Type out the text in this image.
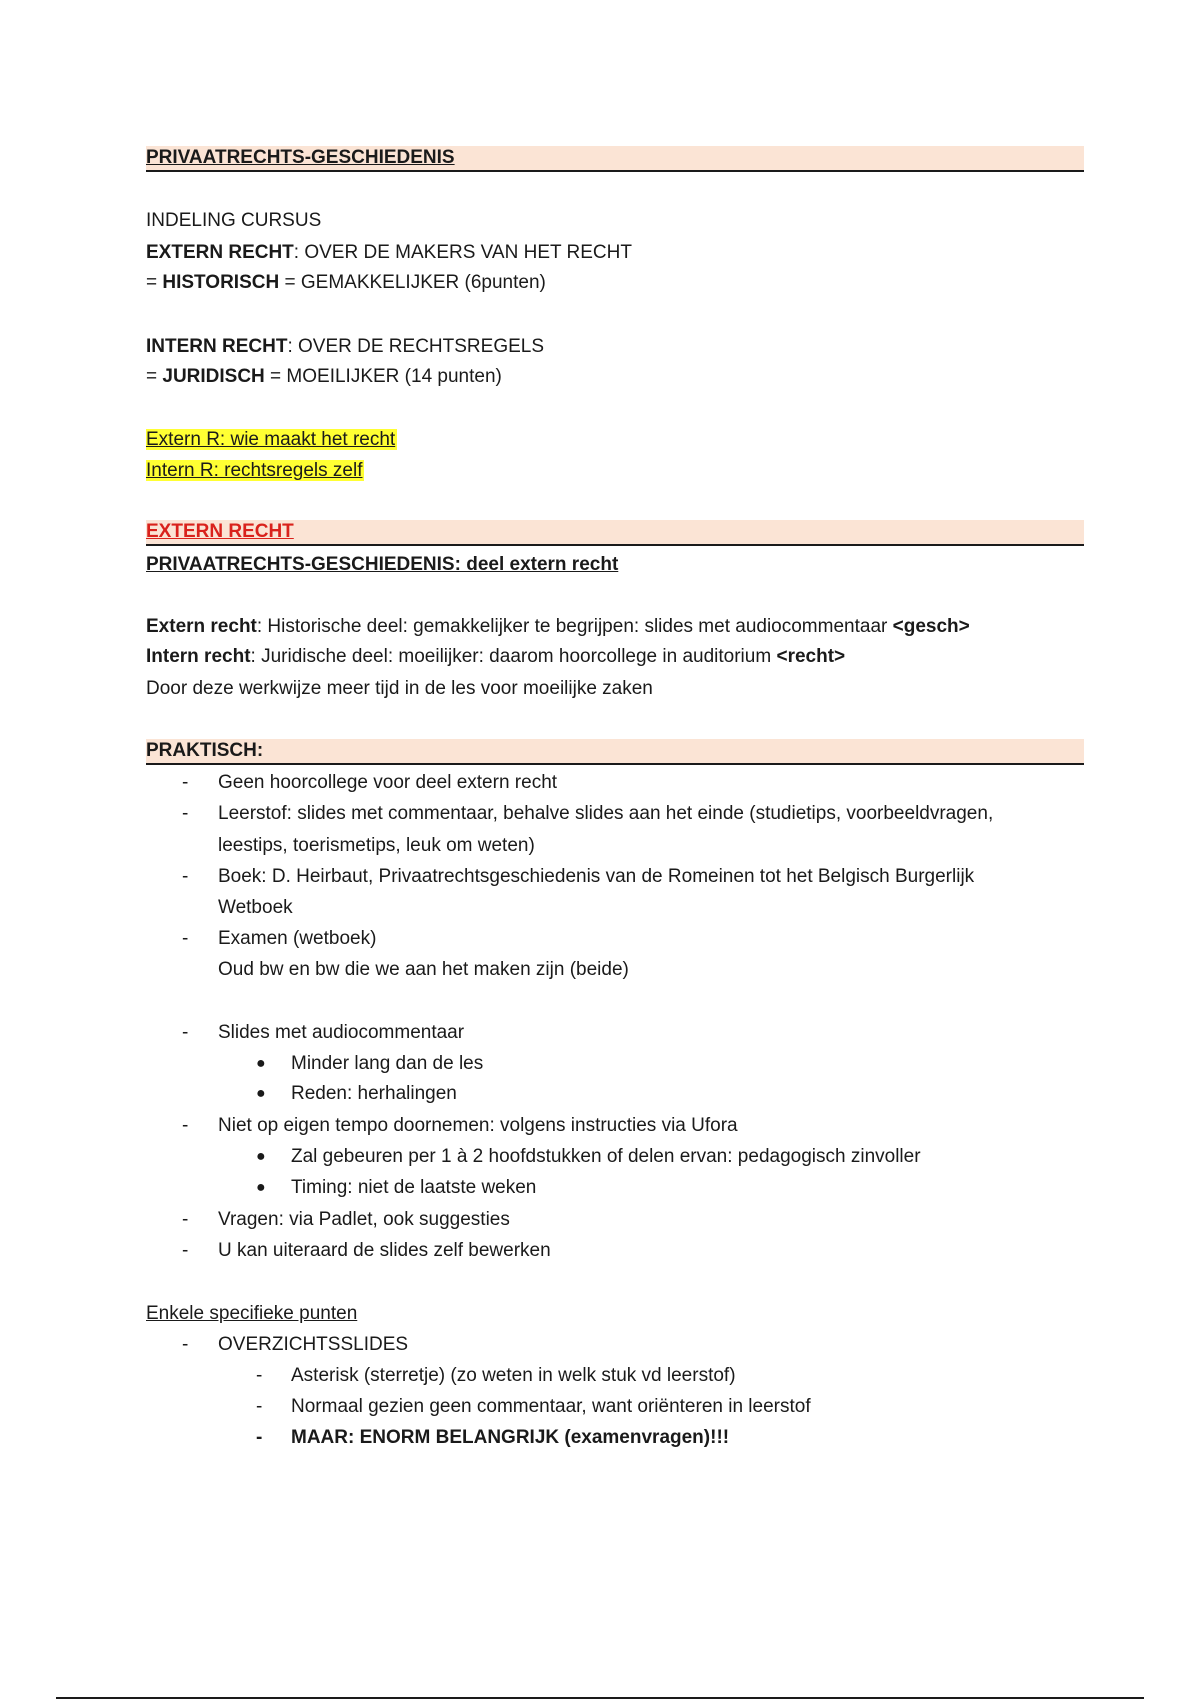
PRIVAATRECHTS-GESCHIEDENIS
INDELING CURSUS
EXTERN RECHT: OVER DE MAKERS VAN HET RECHT
= HISTORISCH = GEMAKKELIJKER (6punten)
INTERN RECHT: OVER DE RECHTSREGELS
= JURIDISCH = MOEILIJKER (14 punten)
Extern R: wie maakt het recht
Intern R: rechtsregels zelf
EXTERN RECHT
PRIVAATRECHTS-GESCHIEDENIS: deel extern recht
Extern recht: Historische deel: gemakkelijker te begrijpen: slides met audiocommentaar <gesch>
Intern recht: Juridische deel: moeilijker: daarom hoorcollege in auditorium <recht>
Door deze werkwijze meer tijd in de les voor moeilijke zaken
PRAKTISCH:
- Geen hoorcollege voor deel extern recht
- Leerstof: slides met commentaar, behalve slides aan het einde (studietips, voorbeeldvragen,
leestips, toerismetips, leuk om weten)
- Boek: D. Heirbaut, Privaatrechtsgeschiedenis van de Romeinen tot het Belgisch Burgerlijk
Wetboek
- Examen (wetboek)
Oud bw en bw die we aan het maken zijn (beide)
- Slides met audiocommentaar
● Minder lang dan de les
● Reden: herhalingen
- Niet op eigen tempo doornemen: volgens instructies via Ufora
● Zal gebeuren per 1 à 2 hoofdstukken of delen ervan: pedagogisch zinvoller
● Timing: niet de laatste weken
- Vragen: via Padlet, ook suggesties
- U kan uiteraard de slides zelf bewerken
Enkele specifieke punten
- OVERZICHTSSLIDES
- Asterisk (sterretje) (zo weten in welk stuk vd leerstof)
- Normaal gezien geen commentaar, want oriënteren in leerstof
- MAAR: ENORM BELANGRIJK (examenvragen)!!!
